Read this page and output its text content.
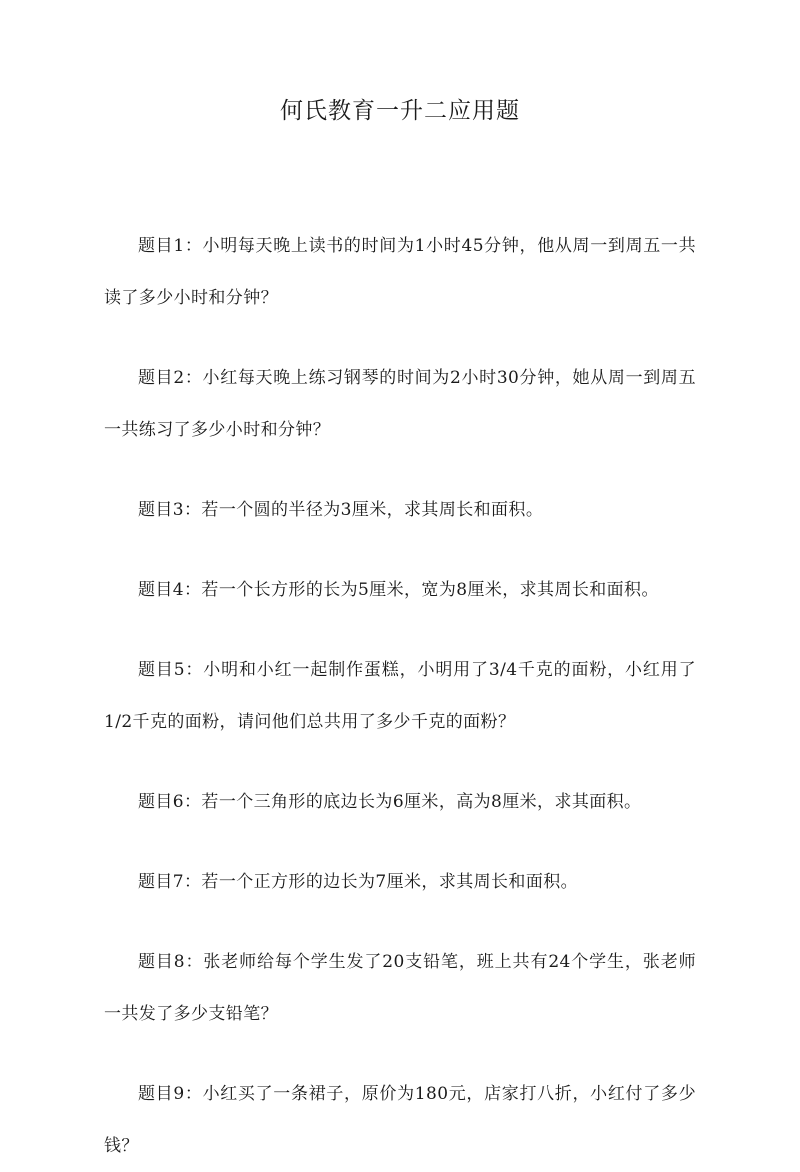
何氏教育一升二应用题

题目1：小明每天晚上读书的时间为1小时45分钟，他从周一到周五一共读了多少小时和分钟？

题目2：小红每天晚上练习钢琴的时间为2小时30分钟，她从周一到周五一共练习了多少小时和分钟？

题目3：若一个圆的半径为3厘米，求其周长和面积。

题目4：若一个长方形的长为5厘米，宽为8厘米，求其周长和面积。

题目5：小明和小红一起制作蛋糕，小明用了3/4千克的面粉，小红用了1/2千克的面粉，请问他们总共用了多少千克的面粉？

题目6：若一个三角形的底边长为6厘米，高为8厘米，求其面积。

题目7：若一个正方形的边长为7厘米，求其周长和面积。

题目8：张老师给每个学生发了20支铅笔，班上共有24个学生，张老师一共发了多少支铅笔？

题目9：小红买了一条裙子，原价为180元，店家打八折，小红付了多少钱？
